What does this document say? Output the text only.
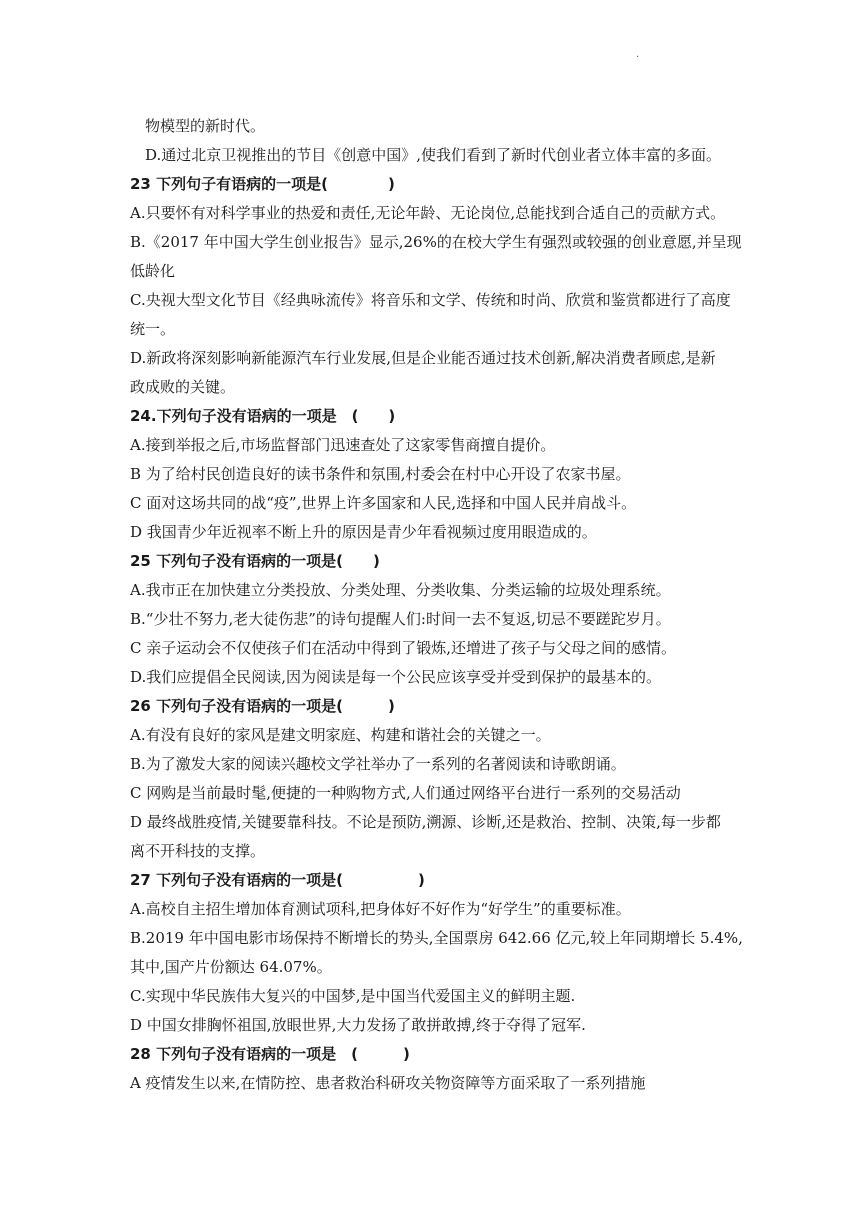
·
物模型的新时代。
D.通过北京卫视推出的节目《创意中国》,使我们看到了新时代创业者立体丰富的多面。
23 下列句子有语病的一项是(　　　　)
A.只要怀有对科学事业的热爱和责任,无论年龄、无论岗位,总能找到合适自己的贡献方式。
B.《2017 年中国大学生创业报告》显示,26%的在校大学生有强烈或较强的创业意愿,并呈现
低龄化
C.央视大型文化节目《经典咏流传》将音乐和文学、传统和时尚、欣赏和鉴赏都进行了高度
统一。
D.新政将深刻影响新能源汽车行业发展,但是企业能否通过技术创新,解决消费者顾虑,是新
政成败的关键。
24.下列句子没有语病的一项是　(　　)
A.接到举报之后,市场监督部门迅速查处了这家零售商擅自提价。
B 为了给村民创造良好的读书条件和氛围,村委会在村中心开设了农家书屋。
C 面对这场共同的战“疫”,世界上许多国家和人民,选择和中国人民并肩战斗。
D 我国青少年近视率不断上升的原因是青少年看视频过度用眼造成的。
25 下列句子没有语病的一项是(　　)
A.我市正在加快建立分类投放、分类处理、分类收集、分类运输的垃圾处理系统。
B.“少壮不努力,老大徒伤悲”的诗句提醒人们:时间一去不复返,切忌不要蹉跎岁月。
C 亲子运动会不仅使孩子们在活动中得到了锻炼,还增进了孩子与父母之间的感情。
D.我们应提倡全民阅读,因为阅读是每一个公民应该享受并受到保护的最基本的。
26 下列句子没有语病的一项是(　　　)
A.有没有良好的家风是建文明家庭、构建和谐社会的关键之一。
B.为了激发大家的阅读兴趣校文学社举办了一系列的名著阅读和诗歌朗诵。
C 网购是当前最时髦,便捷的一种购物方式,人们通过网络平台进行一系列的交易活动
D 最终战胜疫情,关键要靠科技。不论是预防,溯源、诊断,还是救治、控制、决策,每一步都
离不开科技的支撑。
27 下列句子没有语病的一项是(　　　　　)
A.高校自主招生增加体育测试项科,把身体好不好作为“好学生”的重要标准。
B.2019 年中国电影市场保持不断增长的势头,全国票房 642.66 亿元,较上年同期增长 5.4%,
其中,国产片份额达 64.07%。
C.实现中华民族伟大复兴的中国梦,是中国当代爱国主义的鲜明主题.
D 中国女排胸怀祖国,放眼世界,大力发扬了敢拼敢搏,终于夺得了冠军.
28 下列句子没有语病的一项是　(　　　)
A 疫情发生以来,在情防控、患者救治科研攻关物资障等方面采取了一系列措施
